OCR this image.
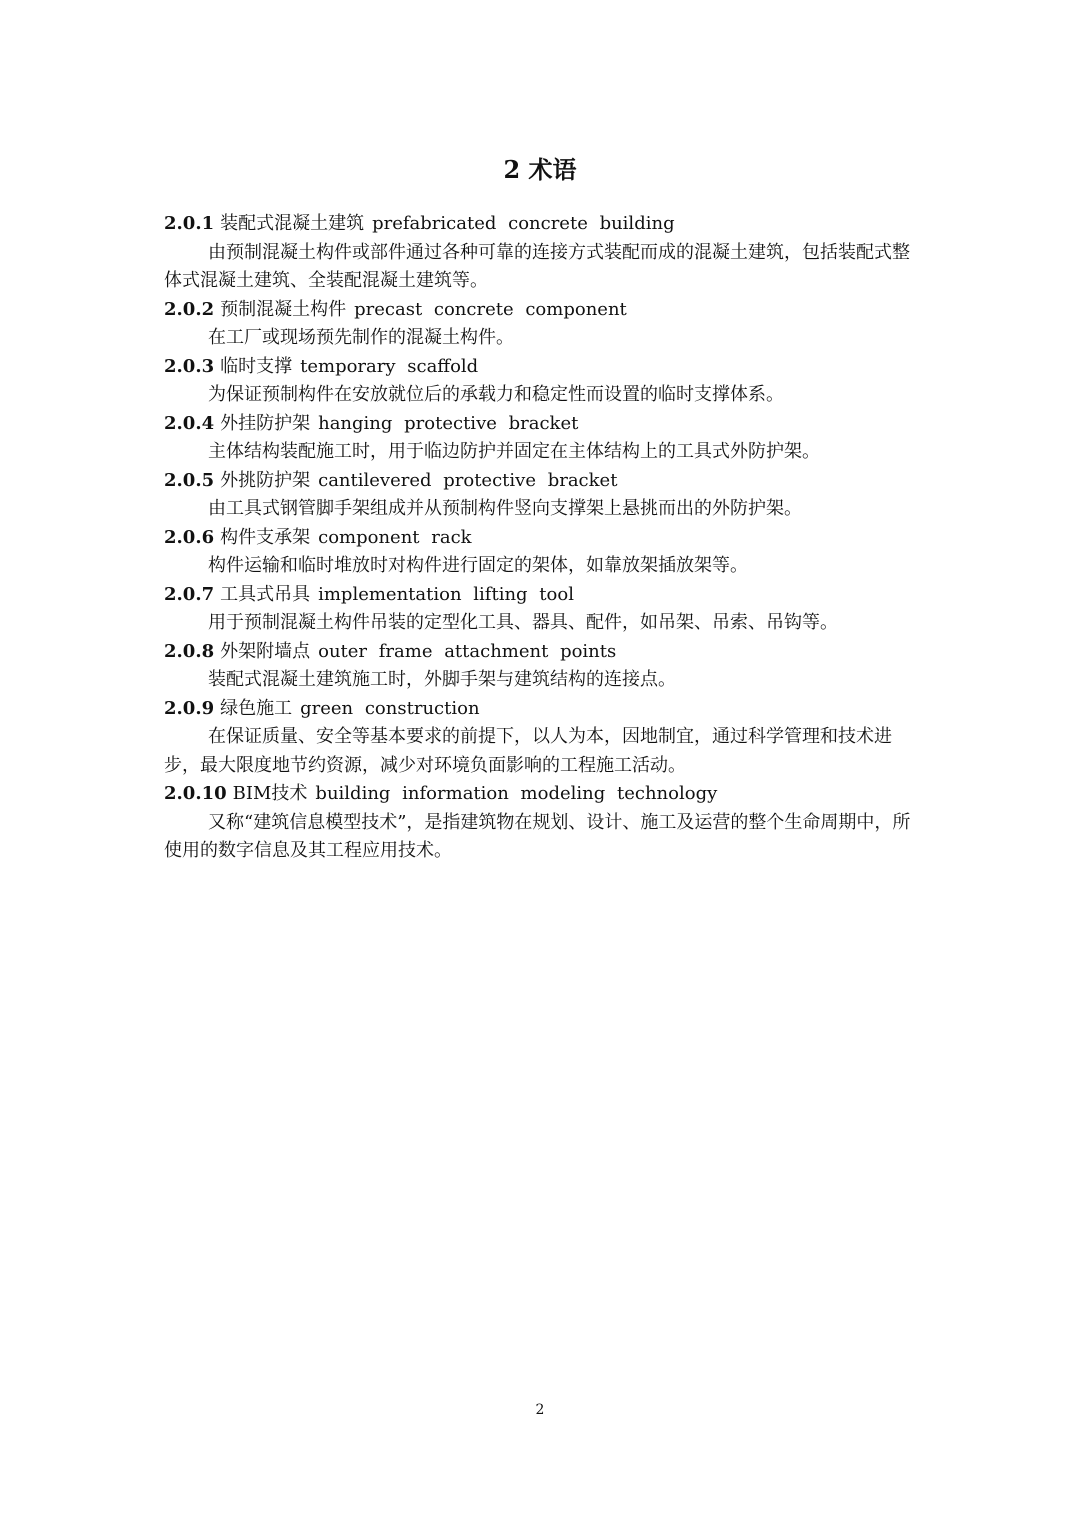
2 术语
2.0.1 装配式混凝土建筑 prefabricated concrete building

由预制混凝土构件或部件通过各种可靠的连接方式装配而成的混凝土建筑，包括装配式整体式混凝土建筑、全装配混凝土建筑等。

2.0.2 预制混凝土构件 precast concrete component

在工厂或现场预先制作的混凝土构件。

2.0.3 临时支撑 temporary scaffold

为保证预制构件在安放就位后的承载力和稳定性而设置的临时支撑体系。

2.0.4 外挂防护架 hanging protective bracket

主体结构装配施工时，用于临边防护并固定在主体结构上的工具式外防护架。

2.0.5 外挑防护架 cantilevered protective bracket

由工具式钢管脚手架组成并从预制构件竖向支撑架上悬挑而出的外防护架。

2.0.6 构件支承架 component rack

构件运输和临时堆放时对构件进行固定的架体，如靠放架插放架等。

2.0.7 工具式吊具 implementation lifting tool

用于预制混凝土构件吊装的定型化工具、器具、配件，如吊架、吊索、吊钩等。

2.0.8 外架附墙点 outer frame attachment points

装配式混凝土建筑施工时，外脚手架与建筑结构的连接点。

2.0.9 绿色施工 green construction

在保证质量、安全等基本要求的前提下，以人为本，因地制宜，通过科学管理和技术进步，最大限度地节约资源，减少对环境负面影响的工程施工活动。

2.0.10 BIM技术 building information modeling technology

又称“建筑信息模型技术”，是指建筑物在规划、设计、施工及运营的整个生命周期中，所使用的数字信息及其工程应用技术。

2
